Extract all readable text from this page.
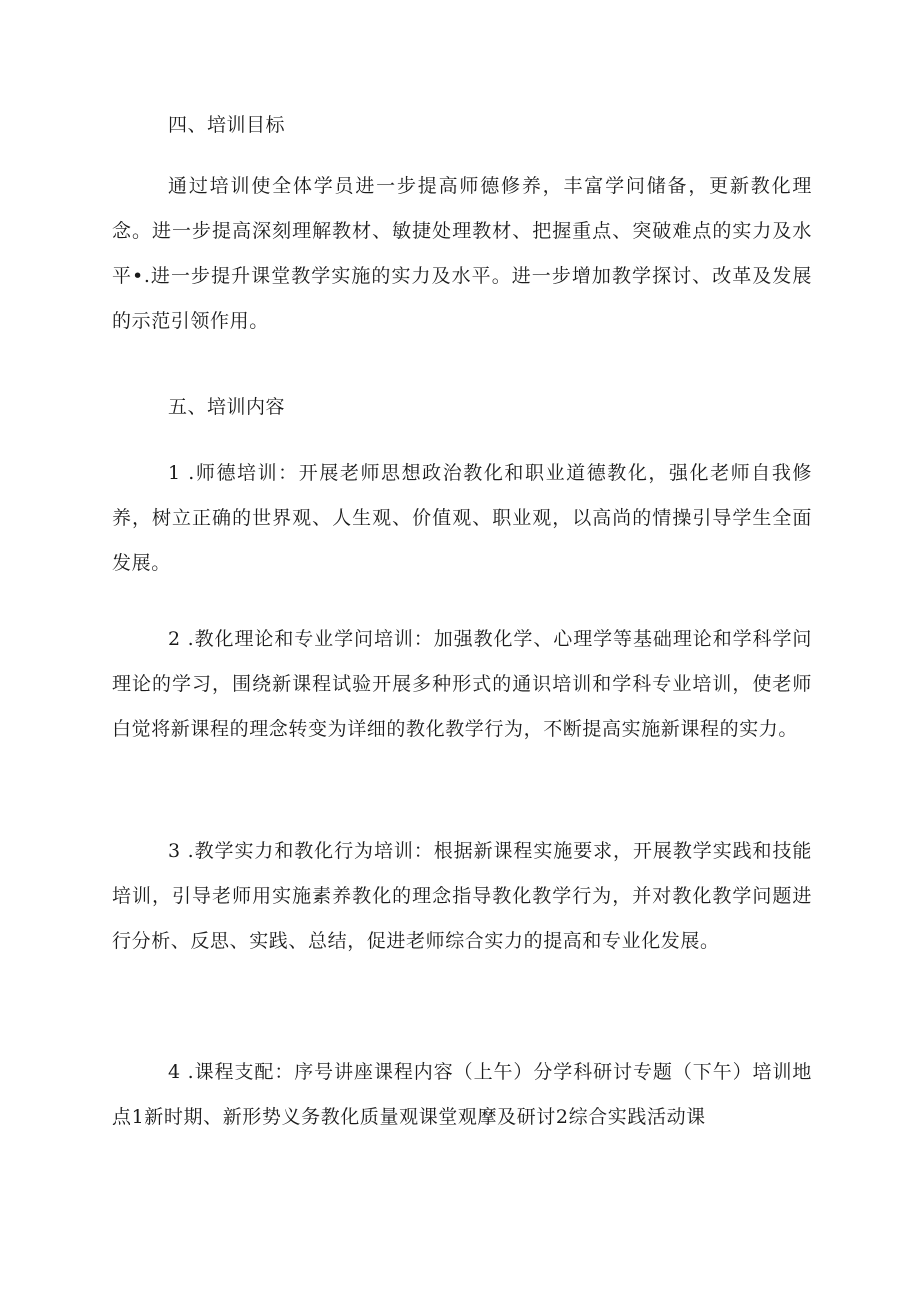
四、培训目标

通过培训使全体学员进一步提高师德修养，丰富学问储备，更新教化理念。进一步提高深刻理解教材、敏捷处理教材、把握重点、突破难点的实力及水平•.进一步提升课堂教学实施的实力及水平。进一步增加教学探讨、改革及发展的示范引领作用。

五、培训内容

1 .师德培训：开展老师思想政治教化和职业道德教化，强化老师自我修养，树立正确的世界观、人生观、价值观、职业观，以高尚的情操引导学生全面发展。

2 .教化理论和专业学问培训：加强教化学、心理学等基础理论和学科学问理论的学习，围绕新课程试验开展多种形式的通识培训和学科专业培训，使老师白觉将新课程的理念转变为详细的教化教学行为，不断提高实施新课程的实力。

3 .教学实力和教化行为培训：根据新课程实施要求，开展教学实践和技能培训，引导老师用实施素养教化的理念指导教化教学行为，并对教化教学问题进行分析、反思、实践、总结，促进老师综合实力的提高和专业化发展。

4 .课程支配：序号讲座课程内容（上午）分学科研讨专题（下午）培训地点1新时期、新形势义务教化质量观课堂观摩及研讨2综合实践活动课
